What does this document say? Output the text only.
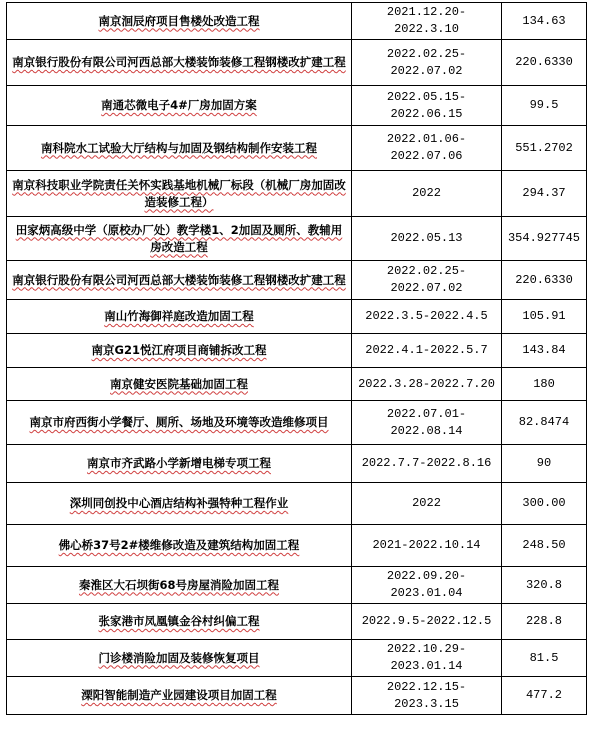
南京洄辰府项目售楼处改造工程	2021.12.20-2022.3.10	134.63
南京银行股份有限公司河西总部大楼装饰装修工程钢楼改扩建工程	2022.02.25-2022.07.02	220.6330
南通芯微电子4#厂房加固方案	2022.05.15-2022.06.15	99.5
南科院水工试验大厅结构与加固及钢结构制作安装工程	2022.01.06-2022.07.06	551.2702
南京科技职业学院责任关怀实践基地机械厂标段（机械厂房加固改造装修工程）	2022	294.37
田家炳高级中学（原校办厂处）教学楼1、2加固及厕所、教辅用房改造工程	2022.05.13	354.927745
南京银行股份有限公司河西总部大楼装饰装修工程钢楼改扩建工程	2022.02.25-2022.07.02	220.6330
南山竹海御祥庭改造加固工程	2022.3.5-2022.4.5	105.91
南京G21悦江府项目商铺拆改工程	2022.4.1-2022.5.7	143.84
南京健安医院基础加固工程	2022.3.28-2022.7.20	180
南京市府西街小学餐厅、厕所、场地及环境等改造维修项目	2022.07.01-2022.08.14	82.8474
南京市齐武路小学新增电梯专项工程	2022.7.7-2022.8.16	90
深圳同创投中心酒店结构补强特种工程作业	2022	300.00
佛心桥37号2#楼维修改造及建筑结构加固工程	2021-2022.10.14	248.50
秦淮区大石坝街68号房屋消险加固工程	2022.09.20-2023.01.04	320.8
张家港市凤凰镇金谷村纠偏工程	2022.9.5-2022.12.5	228.8
门诊楼消险加固及装修恢复项目	2022.10.29-2023.01.14	81.5
溧阳智能制造产业园建设项目加固工程	2022.12.15-2023.3.15	477.2
